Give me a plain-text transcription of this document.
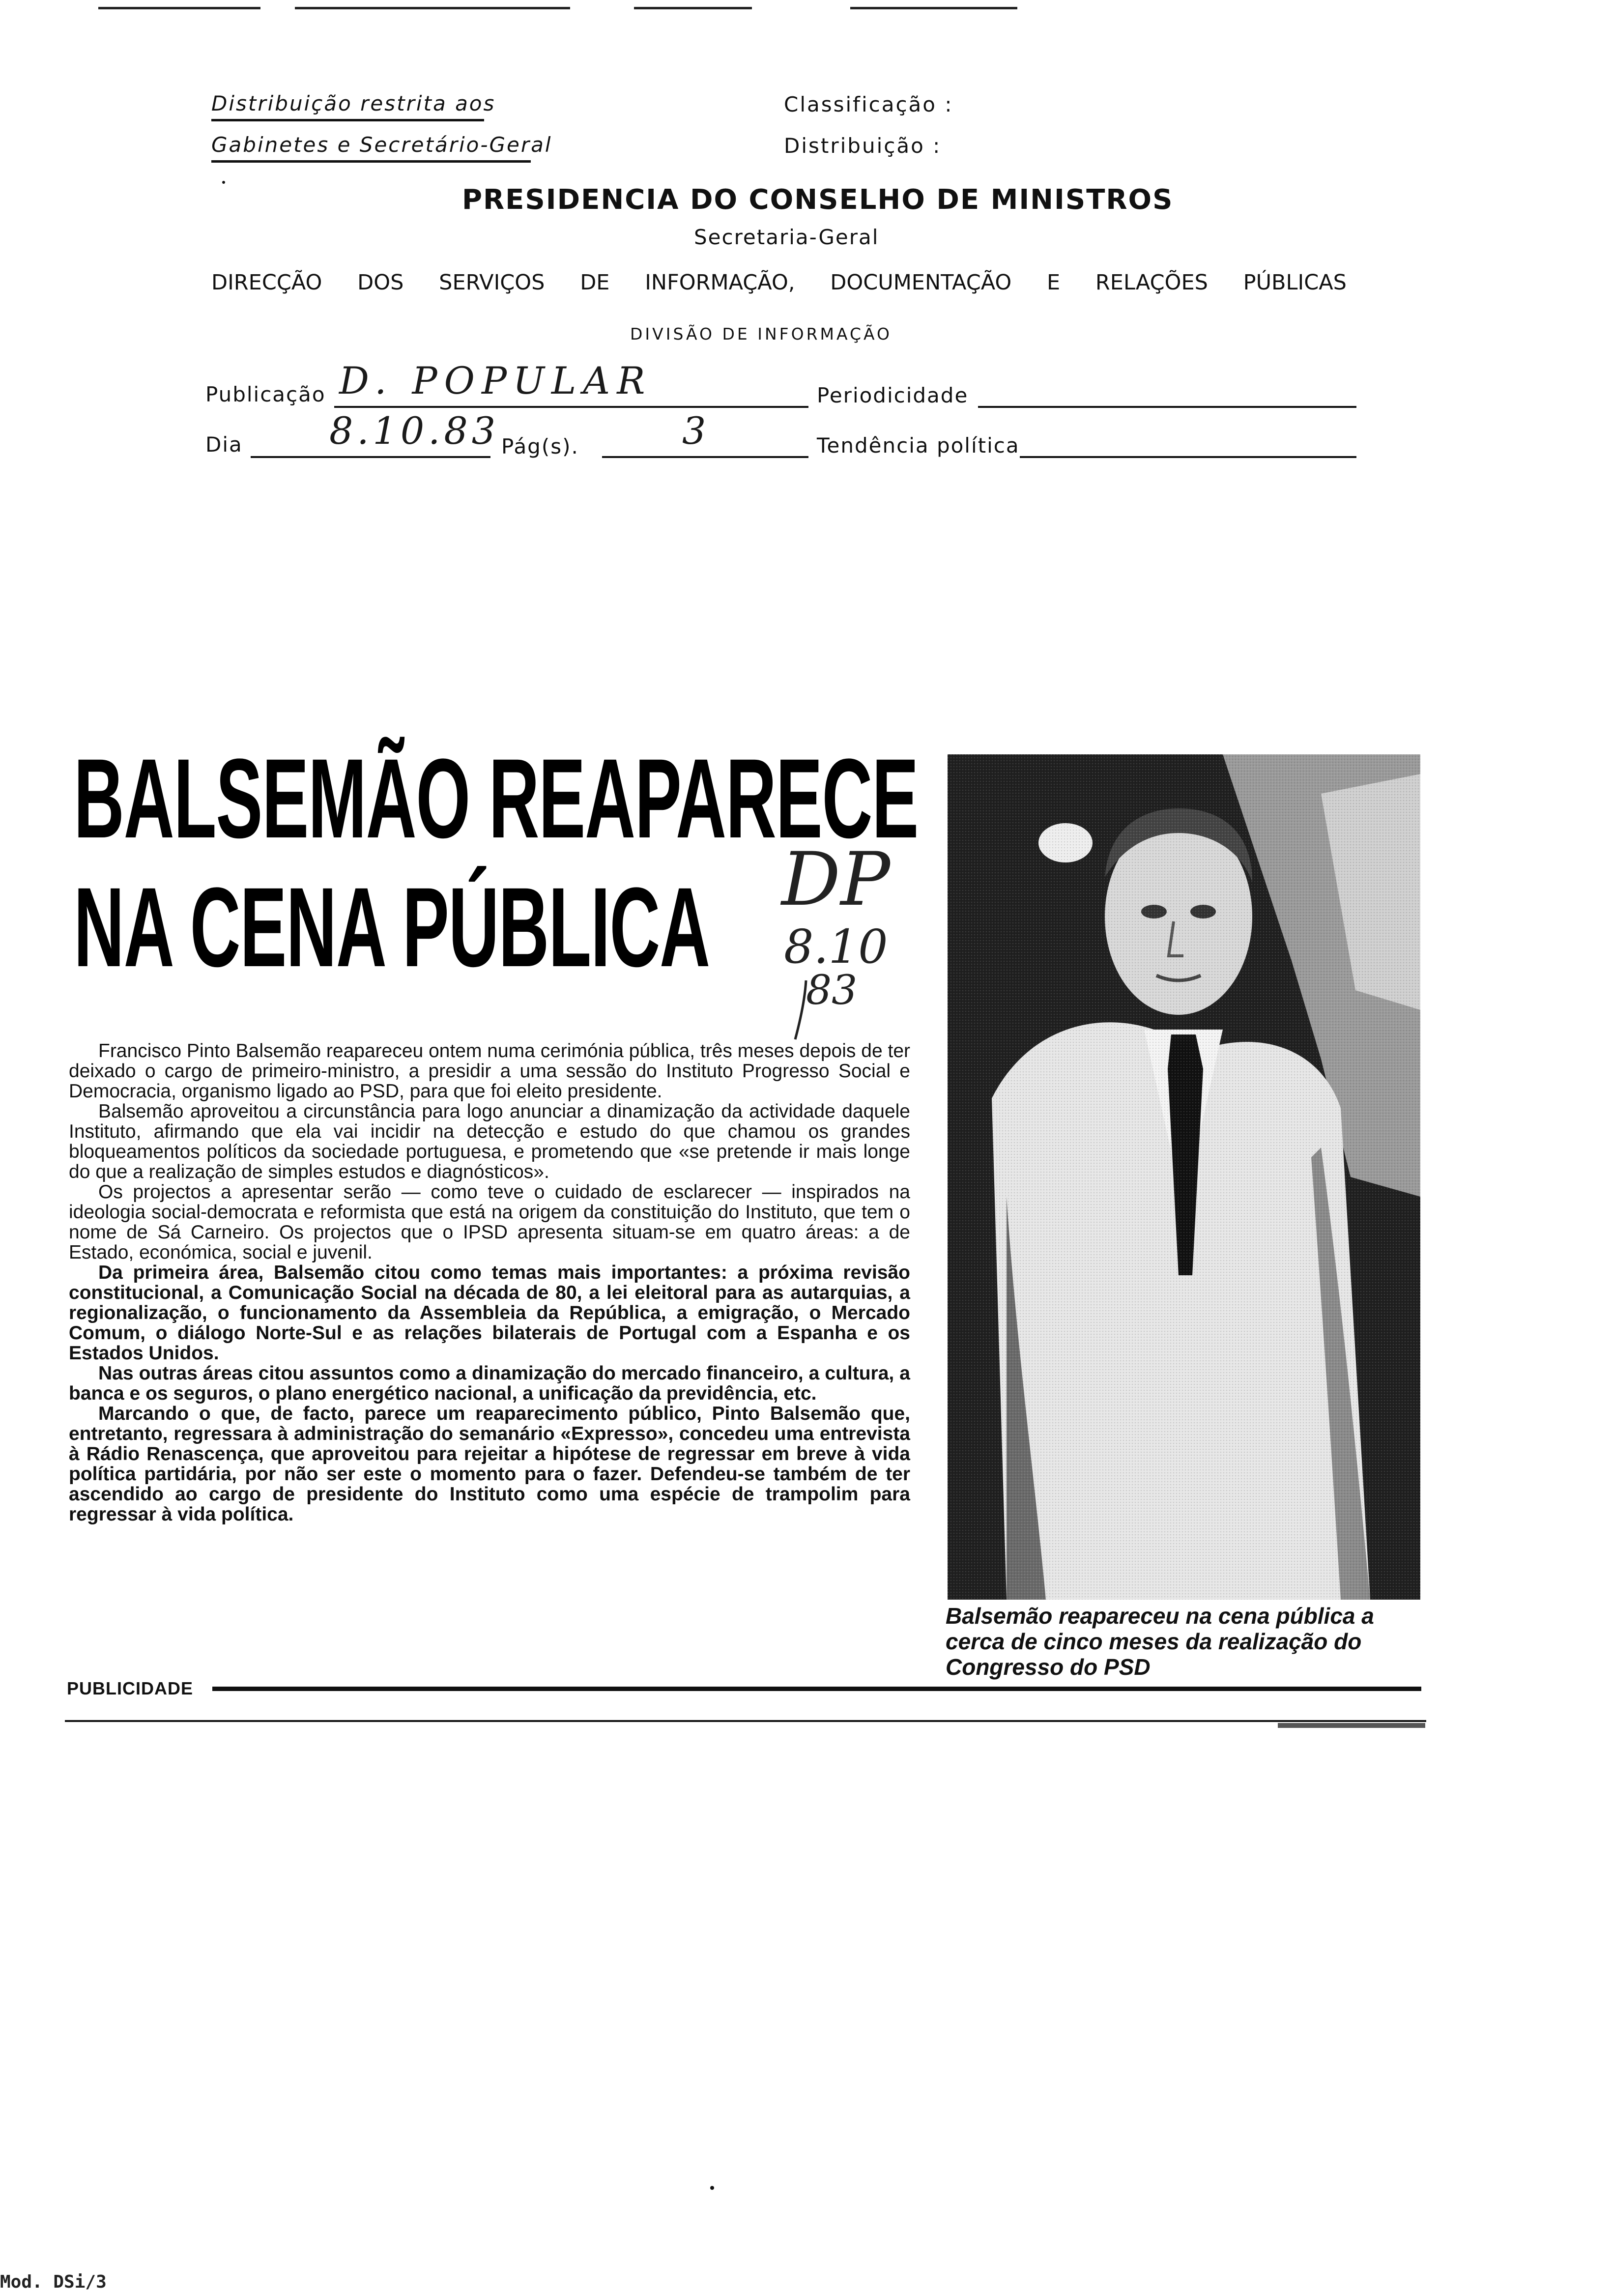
Distribuição restrita aos
Gabinetes e Secretário-Geral
Classificação :
Distribuição :
PRESIDENCIA DO CONSELHO DE MINISTROS
Secretaria-Geral
DIRECÇÃO DOS SERVIÇOS DE INFORMAÇÃO, DOCUMENTAÇÃO E RELAÇÕES PÚBLICAS
DIVISÃO DE INFORMAÇÃO
Publicação D. POPULAR	Periodicidade
Dia 8.10.83 Pág(s).	3	Tendência política
BALSEMÃO REAPARECE
NA CENA PÚBLICA DP
8.10
83

Francisco Pinto Balsemão reapareceu ontem numa cerimónia pública, três meses depois de ter deixado o cargo de primeiro-ministro, a presidir a uma sessão do Instituto Progresso Social e Democracia, organismo ligado ao PSD, para que foi eleito presidente.

Balsemão aproveitou a circunstância para logo anunciar a dinamização da actividade daquele Instituto, afirmando que ela vai incidir na detecção e estudo do que chamou os grandes bloqueamentos políticos da sociedade portuguesa, e prometendo que «se pretende ir mais longe do que a realização de simples estudos e diagnósticos».

Os projectos a apresentar serão — como teve o cuidado de esclarecer — inspirados na ideologia social-democrata e reformista que está na origem da constituição do Instituto, que tem o nome de Sá Carneiro. Os projectos que o IPSD apresenta situam-se em quatro áreas: a de Estado, económica, social e juvenil.

Da primeira área, Balsemão citou como temas mais importantes: a próxima revisão constitucional, a Comunicação Social na década de 80, a lei eleitoral para as autarquias, a regionalização, o funcionamento da Assembleia da República, a emigração, o Mercado Comum, o diálogo Norte-Sul e as relações bilaterais de Portugal com a Espanha e os Estados Unidos.

Nas outras áreas citou assuntos como a dinamização do mercado financeiro, a cultura, a banca e os seguros, o plano energético nacional, a unificação da previdência, etc.

Marcando o que, de facto, parece um reaparecimento público, Pinto Balsemão que, entretanto, regressara à administração do semanário «Expresso», concedeu uma entrevista à Rádio Renascença, que aproveitou para rejeitar a hipótese de regressar em breve à vida política partidária, por não ser este o momento para o fazer. Defendeu-se também de ter ascendido ao cargo de presidente do Instituto como uma espécie de trampolim para regressar à vida política.

Balsemão reapareceu na cena pública a cerca de cinco meses da realização do Congresso do PSD
PUBLICIDADE
Mod. DSi/3
